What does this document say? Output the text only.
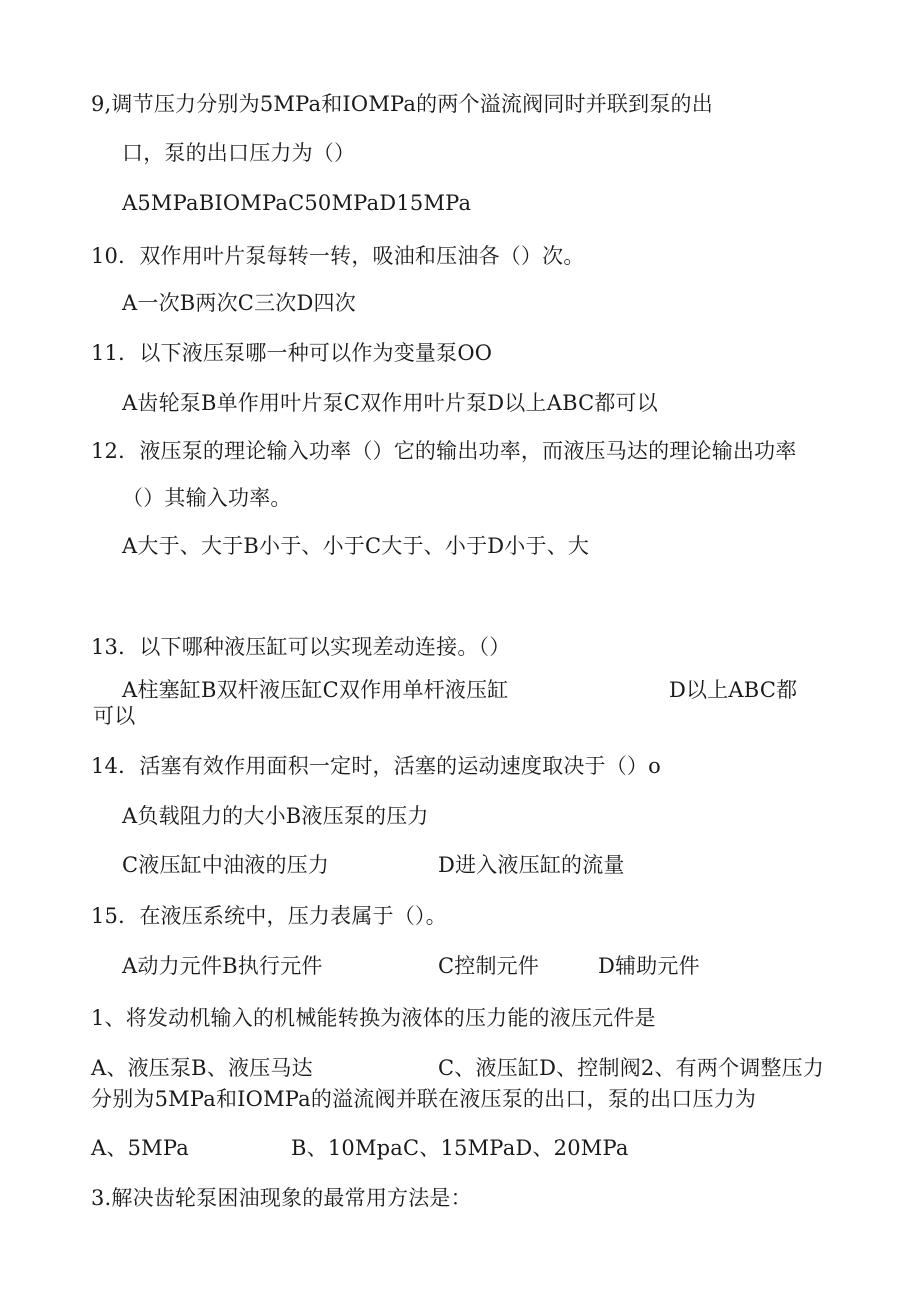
9,调节压力分别为5MPa和IOMPa的两个溢流阀同时并联到泵的出
口，泵的出口压力为（）
A5MPaBIOMPaC50MPaD15MPa
10．双作用叶片泵每转一转，吸油和压油各（）次。
A一次B两次C三次D四次
11．以下液压泵哪一种可以作为变量泵OO
A齿轮泵B单作用叶片泵C双作用叶片泵D以上ABC都可以
12．液压泵的理论输入功率（）它的输出功率，而液压马达的理论输出功率
（）其输入功率。
A大于、大于B小于、小于C大于、小于D小于、大
13．以下哪种液压缸可以实现差动连接。（）
A柱塞缸B双杆液压缸C双作用单杆液压缸	D以上ABC都
可以
14．活塞有效作用面积一定时，活塞的运动速度取决于（）o
A负载阻力的大小B液压泵的压力
C液压缸中油液的压力	D进入液压缸的流量
15．在液压系统中，压力表属于（）。
A动力元件B执行元件	C控制元件	D辅助元件
1、将发动机输入的机械能转换为液体的压力能的液压元件是
A、液压泵B、液压马达	C、液压缸D、控制阀2、有两个调整压力
分别为5MPa和IOMPa的溢流阀并联在液压泵的出口，泵的出口压力为
A、5MPa	B、10MpaC、15MPaD、20MPa
3.解决齿轮泵困油现象的最常用方法是：
